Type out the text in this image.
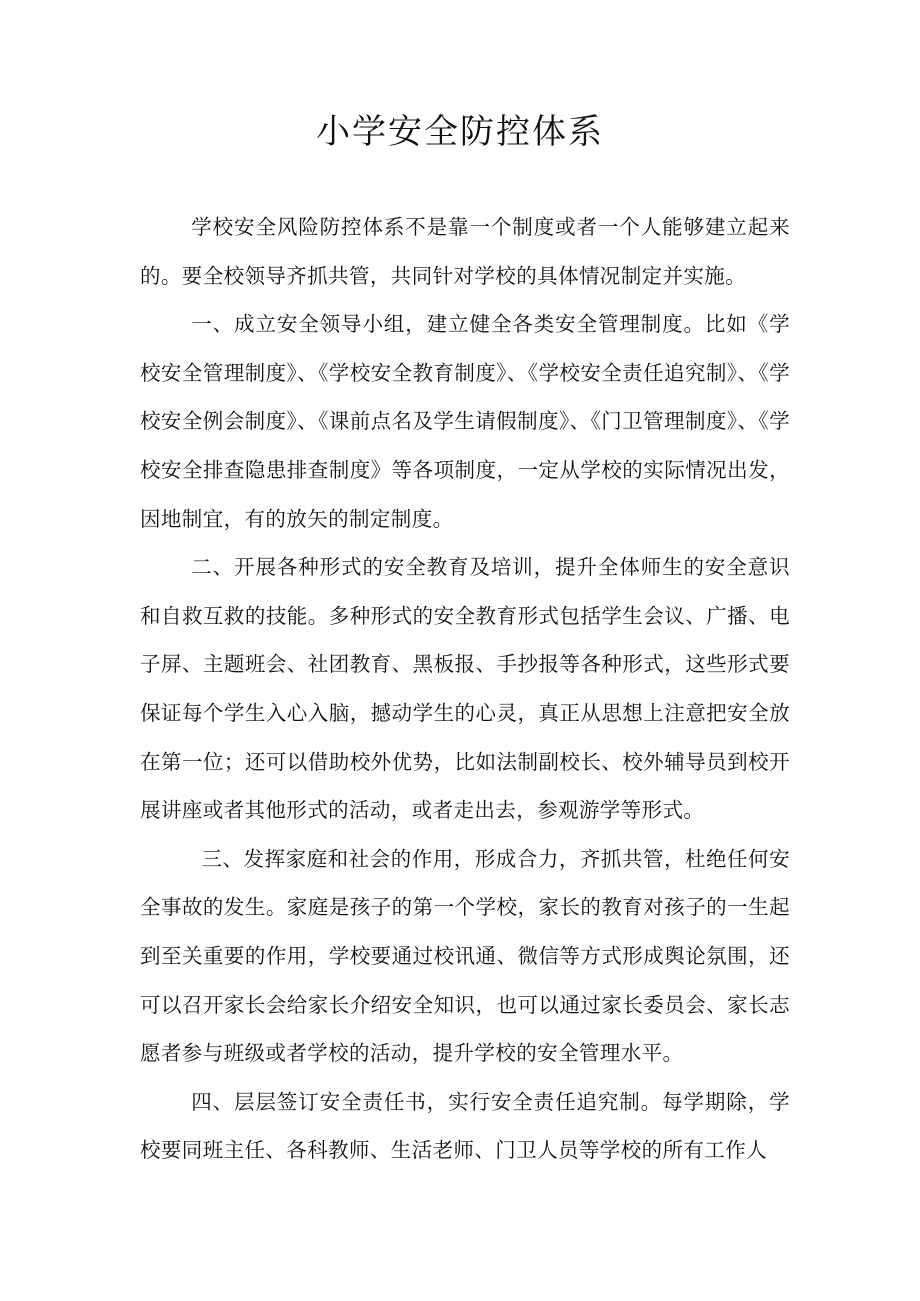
小学安全防控体系

学校安全风险防控体系不是靠一个制度或者一个人能够建立起来的。要全校领导齐抓共管，共同针对学校的具体情况制定并实施。

一、成立安全领导小组，建立健全各类安全管理制度。比如《学校安全管理制度》、《学校安全教育制度》、《学校安全责任追究制》、《学校安全例会制度》、《课前点名及学生请假制度》、《门卫管理制度》、《学校安全排查隐患排查制度》等各项制度，一定从学校的实际情况出发，因地制宜，有的放矢的制定制度。

二、开展各种形式的安全教育及培训，提升全体师生的安全意识和自救互救的技能。多种形式的安全教育形式包括学生会议、广播、电子屏、主题班会、社团教育、黑板报、手抄报等各种形式，这些形式要保证每个学生入心入脑，撼动学生的心灵，真正从思想上注意把安全放在第一位；还可以借助校外优势，比如法制副校长、校外辅导员到校开展讲座或者其他形式的活动，或者走出去，参观游学等形式。

三、发挥家庭和社会的作用，形成合力，齐抓共管，杜绝任何安全事故的发生。家庭是孩子的第一个学校，家长的教育对孩子的一生起到至关重要的作用，学校要通过校讯通、微信等方式形成舆论氛围，还可以召开家长会给家长介绍安全知识，也可以通过家长委员会、家长志愿者参与班级或者学校的活动，提升学校的安全管理水平。

四、层层签订安全责任书，实行安全责任追究制。每学期除，学校要同班主任、各科教师、生活老师、门卫人员等学校的所有工作人
